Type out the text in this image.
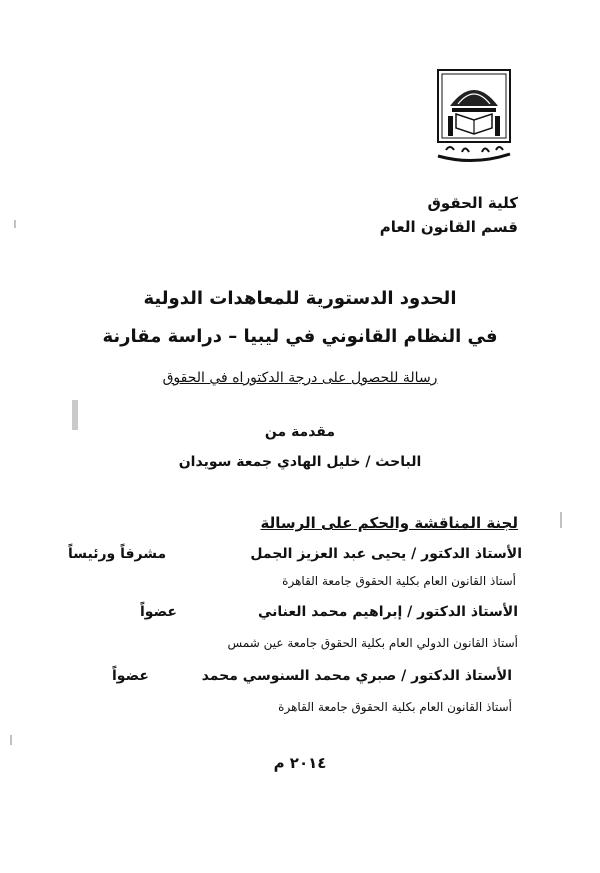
كلية الحقوق
قسم القانون العام
الحدود الدستورية للمعاهدات الدولية
في النظام القانوني في ليبيا – دراسة مقارنة
رسالة للحصول على درجة الدكتوراه في الحقوق
مقدمة من
الباحث / خليل الهادي جمعة سويدان
لجنة المناقشة والحكم على الرسالة
الأستاذ الدكتور / يحيى عبد العزيز الجمل
مشرفاً ورئيساً
أستاذ القانون العام بكلية الحقوق جامعة القاهرة
الأستاذ الدكتور / إبراهيم محمد العناني
عضواً
أستاذ القانون الدولي العام بكلية الحقوق جامعة عين شمس
الأستاذ الدكتور / صبري محمد السنوسي محمد
عضواً
أستاذ القانون العام بكلية الحقوق جامعة القاهرة
٢٠١٤ م
